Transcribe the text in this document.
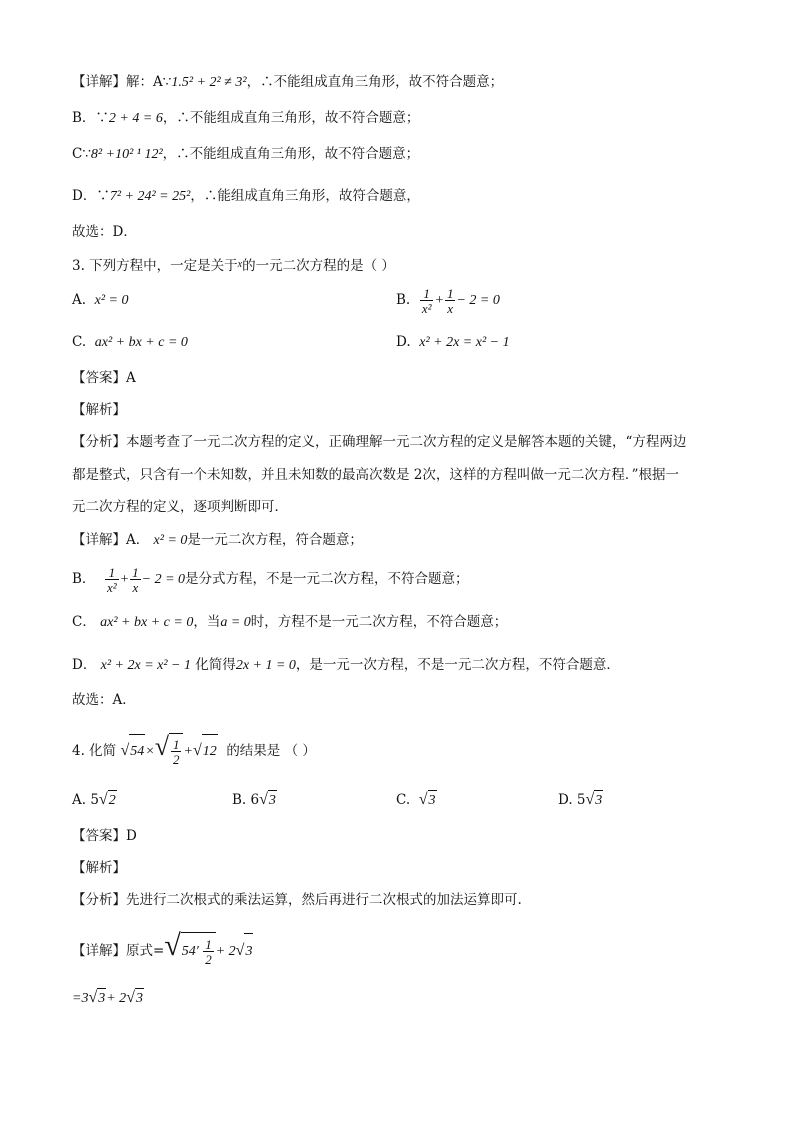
【详解】解：A∵1.5² + 2² ≠ 3²，∴不能组成直角三角形，故不符合题意；
B．∵2 + 4 = 6，∴不能组成直角三角形，故不符合题意；
C∵8² +10² ¹ 12²，∴不能组成直角三角形，故不符合题意；
D．∵7² + 24² = 25²，∴能组成直角三角形，故符合题意，
故选：D．
3. 下列方程中，一定是关于$^x$的一元二次方程的是（ ）
A. x² = 0	B. $\frac{1}{\text{x²}} + \frac{1}{x} - 2 = 0$
C. ax² + bx + c = 0	D. x² + 2x = x² − 1
【答案】A
【解析】
【分析】本题考查了一元二次方程的定义，正确理解一元二次方程的定义是解答本题的关键，“方程两边
都是整式，只含有一个未知数，并且未知数的最高次数是 2次，这样的方程叫做一元二次方程．”根据一
元二次方程的定义，逐项判断即可．
【详解】A． x² = 0是一元二次方程，符合题意；
B． $\frac{1}{\text{x²}} + \frac{1}{x} - 2 = 0$是分式方程，不是一元二次方程，不符合题意；
C． ax² + bx + c = 0，当a = 0时，方程不是一元二次方程，不符合题意；
D． x² + 2x = x² − 1 化简得2x + 1 = 0，是一元一次方程，不是一元二次方程，不符合题意．
故选：A．
4. 化简 $√54\times√ \frac{1}{2} +√12$ 的结果是 （ ）
A. 5√2	B. 6√3	C. √3	D. 5√3
【答案】D
【解析】
【分析】先进行二次根式的乘法运算，然后再进行二次根式的加法运算即可.
【详解】原式$=√54' \frac{1}{2} + 2√3$
=3√3+ 2√3
